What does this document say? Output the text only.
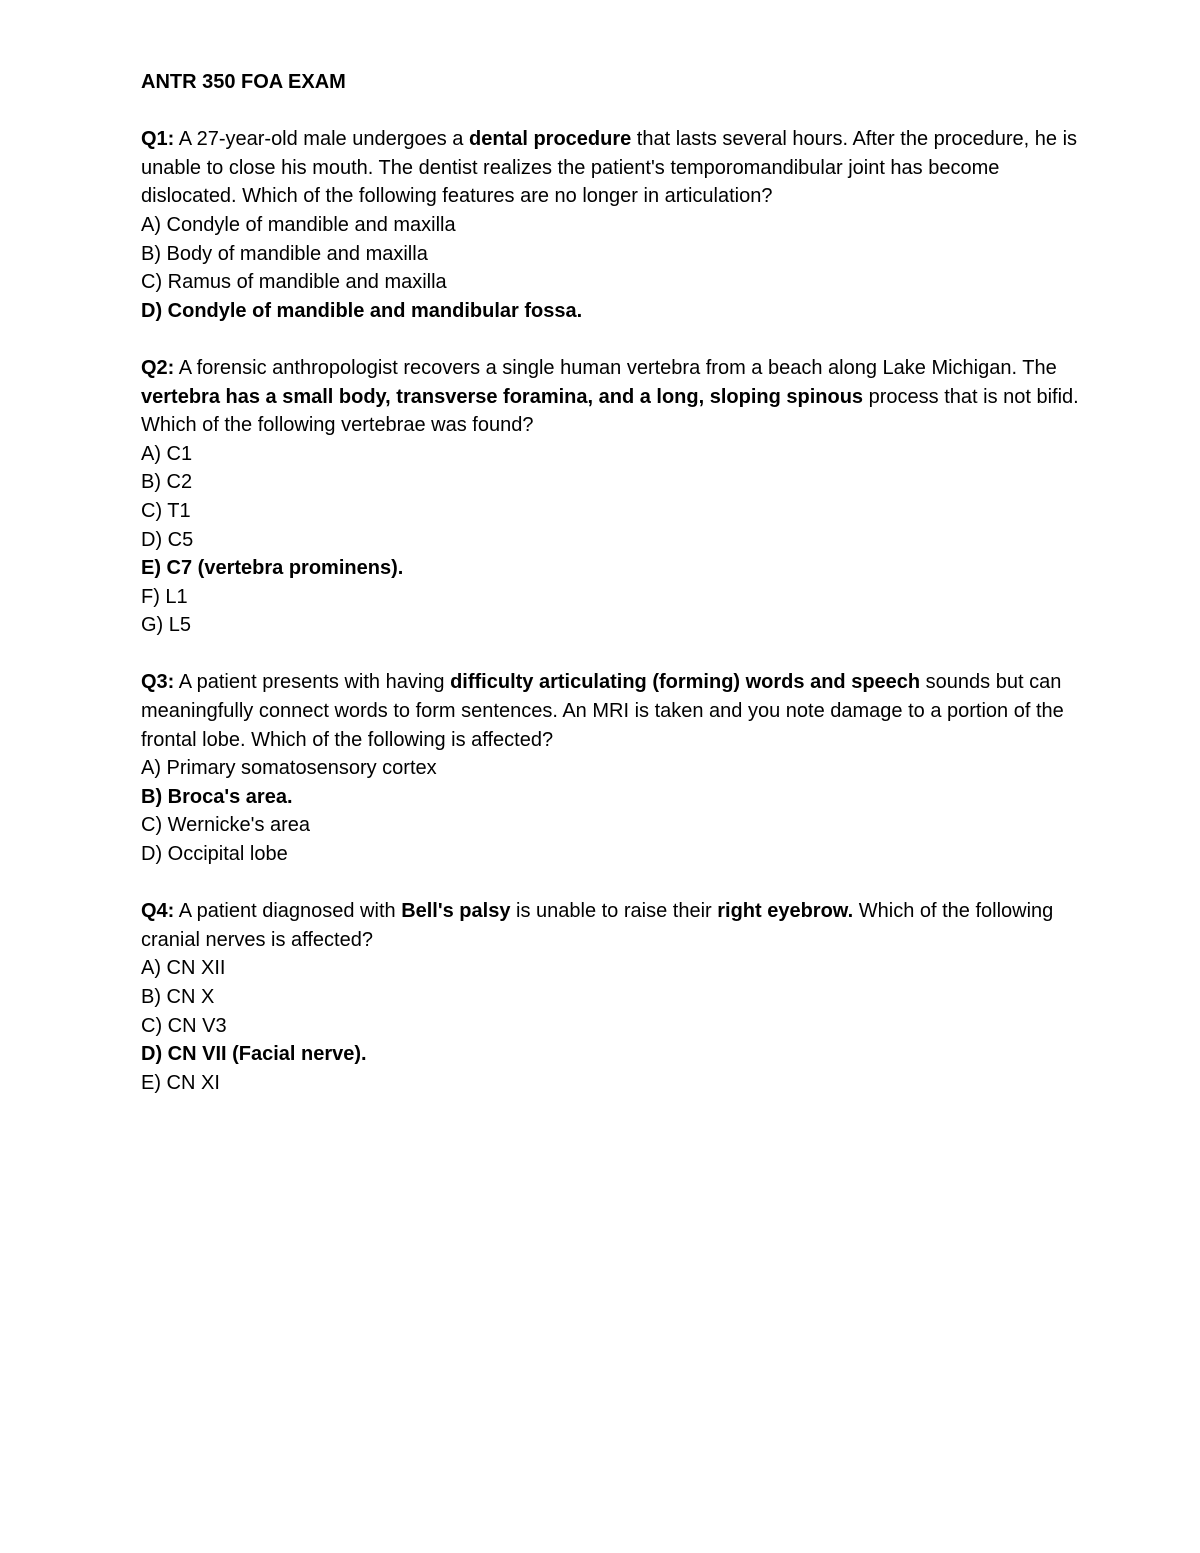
ANTR 350 FOA EXAM

Q1: A 27-year-old male undergoes a dental procedure that lasts several hours. After the procedure, he is unable to close his mouth. The dentist realizes the patient's temporomandibular joint has become dislocated. Which of the following features are no longer in articulation?

A) Condyle of mandible and maxilla

B) Body of mandible and maxilla

C) Ramus of mandible and maxilla

D) Condyle of mandible and mandibular fossa.

Q2: A forensic anthropologist recovers a single human vertebra from a beach along Lake Michigan. The vertebra has a small body, transverse foramina, and a long, sloping spinous process that is not bifid. Which of the following vertebrae was found?

A) C1

B) C2

C) T1

D) C5

E) C7 (vertebra prominens).

F) L1

G) L5

Q3: A patient presents with having difficulty articulating (forming) words and speech sounds but can meaningfully connect words to form sentences. An MRI is taken and you note damage to a portion of the frontal lobe. Which of the following is affected?

A) Primary somatosensory cortex

B) Broca's area.

C) Wernicke's area

D) Occipital lobe

Q4: A patient diagnosed with Bell's palsy is unable to raise their right eyebrow. Which of the following cranial nerves is affected?

A) CN XII

B) CN X

C) CN V3

D) CN VII (Facial nerve).

E) CN XI
